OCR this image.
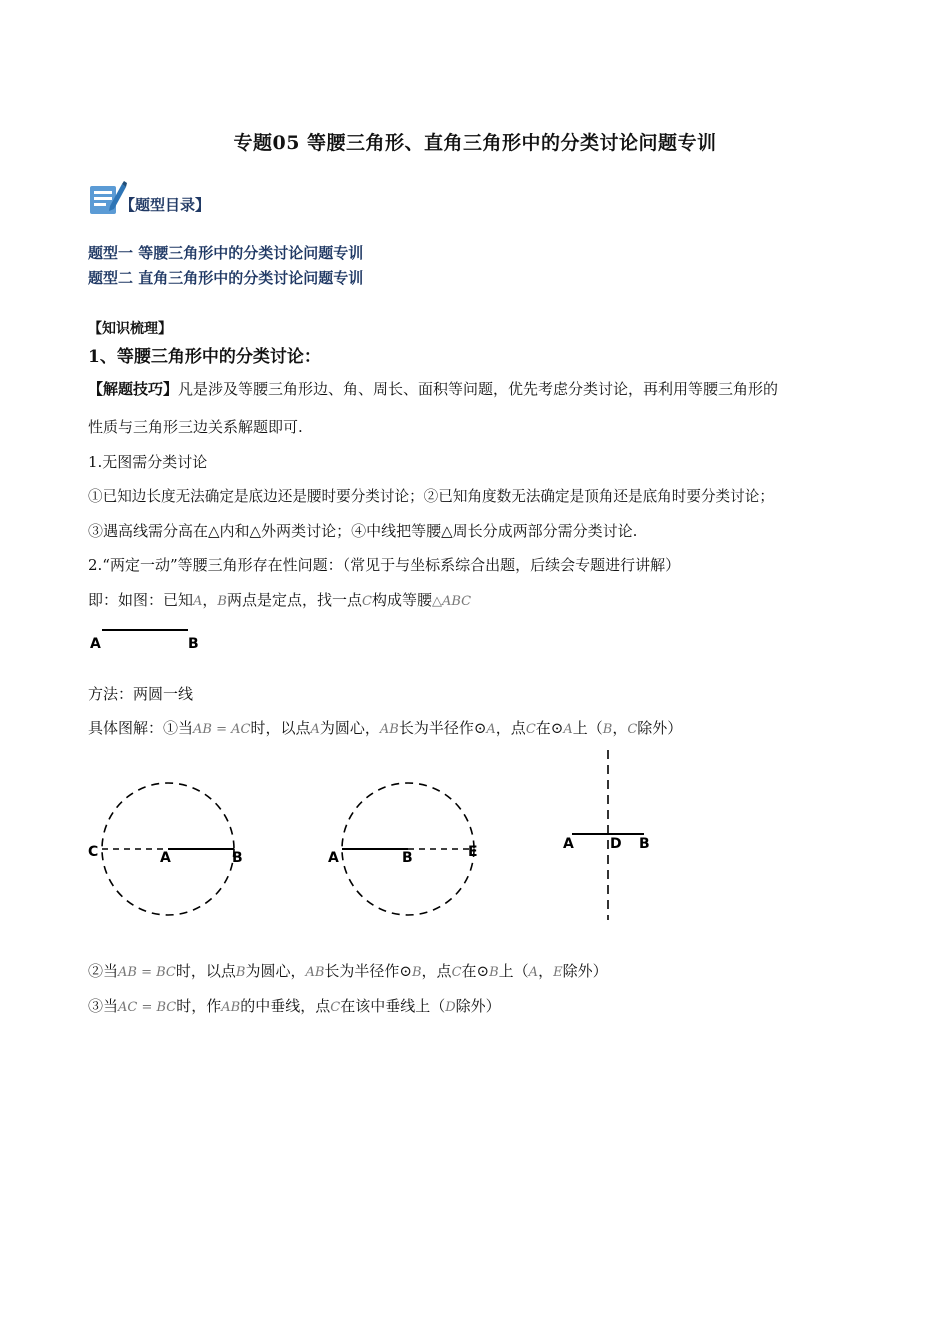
专题05 等腰三角形、直角三角形中的分类讨论问题专训
【题型目录】
题型一 等腰三角形中的分类讨论问题专训
题型二 直角三角形中的分类讨论问题专训
【知识梳理】
1、等腰三角形中的分类讨论：
【解题技巧】凡是涉及等腰三角形边、角、周长、面积等问题，优先考虑分类讨论，再利用等腰三角形的
性质与三角形三边关系解题即可.
1.无图需分类讨论
①已知边长度无法确定是底边还是腰时要分类讨论；②已知角度数无法确定是顶角还是底角时要分类讨论；
③遇高线需分高在△内和△外两类讨论；④中线把等腰△周长分成两部分需分类讨论.
2.“两定一动”等腰三角形存在性问题：（常见于与坐标系综合出题，后续会专题进行讲解）
即：如图：已知A，B两点是定点，找一点C构成等腰△ABC
A	B
方法：两圆一线
具体图解：①当AB = AC时，以点A为圆心，AB长为半径作⊙A，点C在⊙A上（B，C除外）
C	A	B	A	B	E	A	D B
②当AB = BC时，以点B为圆心，AB长为半径作⊙B，点C在⊙B上（A，E除外）
③当AC = BC时，作AB的中垂线，点C在该中垂线上（D除外）
